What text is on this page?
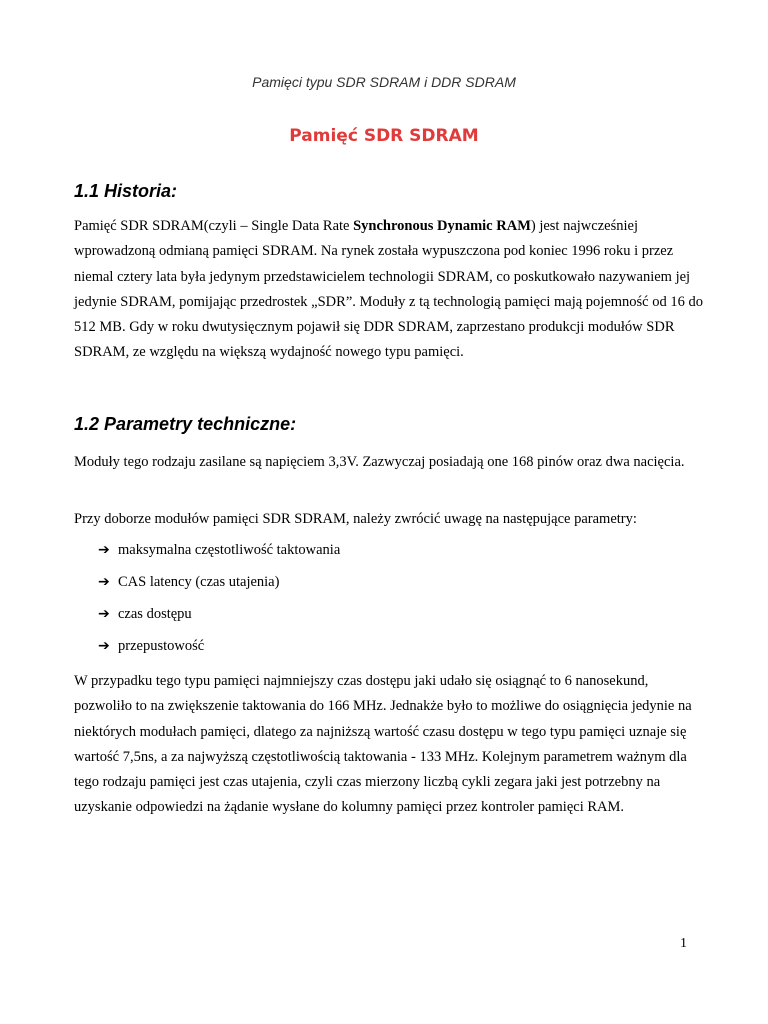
Pamięci typu SDR SDRAM i DDR SDRAM
Pamięć SDR SDRAM
1.1 Historia:

Pamięć SDR SDRAM(czyli – Single Data Rate Synchronous Dynamic RAM) jest najwcześniej wprowadzoną odmianą pamięci SDRAM. Na rynek została wypuszczona pod koniec 1996 roku i przez niemal cztery lata była jedynym przedstawicielem technologii SDRAM, co poskutkowało nazywaniem jej jedynie SDRAM, pomijając przedrostek „SDR”. Moduły z tą technologią pamięci mają pojemność od 16 do 512 MB. Gdy w roku dwutysięcznym pojawił się DDR SDRAM, zaprzestano produkcji modułów SDR SDRAM, ze względu na większą wydajność nowego typu pamięci.

1.2 Parametry techniczne:

Moduły tego rodzaju zasilane są napięciem 3,3V. Zazwyczaj posiadają one 168 pinów oraz dwa nacięcia.

Przy doborze modułów pamięci SDR SDRAM, należy zwrócić uwagę na następujące parametry:

➔ maksymalna częstotliwość taktowania
➔ CAS latency (czas utajenia)
➔ czas dostępu
➔ przepustowość

W przypadku tego typu pamięci najmniejszy czas dostępu jaki udało się osiągnąć to 6 nanosekund, pozwoliło to na zwiększenie taktowania do 166 MHz. Jednakże było to możliwe do osiągnięcia jedynie na niektórych modułach pamięci, dlatego za najniższą wartość czasu dostępu w tego typu pamięci uznaje się wartość 7,5ns, a za najwyższą częstotliwością taktowania - 133 MHz. Kolejnym parametrem ważnym dla tego rodzaju pamięci jest czas utajenia, czyli czas mierzony liczbą cykli zegara jaki jest potrzebny na uzyskanie odpowiedzi na żądanie wysłane do kolumny pamięci przez kontroler pamięci RAM.

1
